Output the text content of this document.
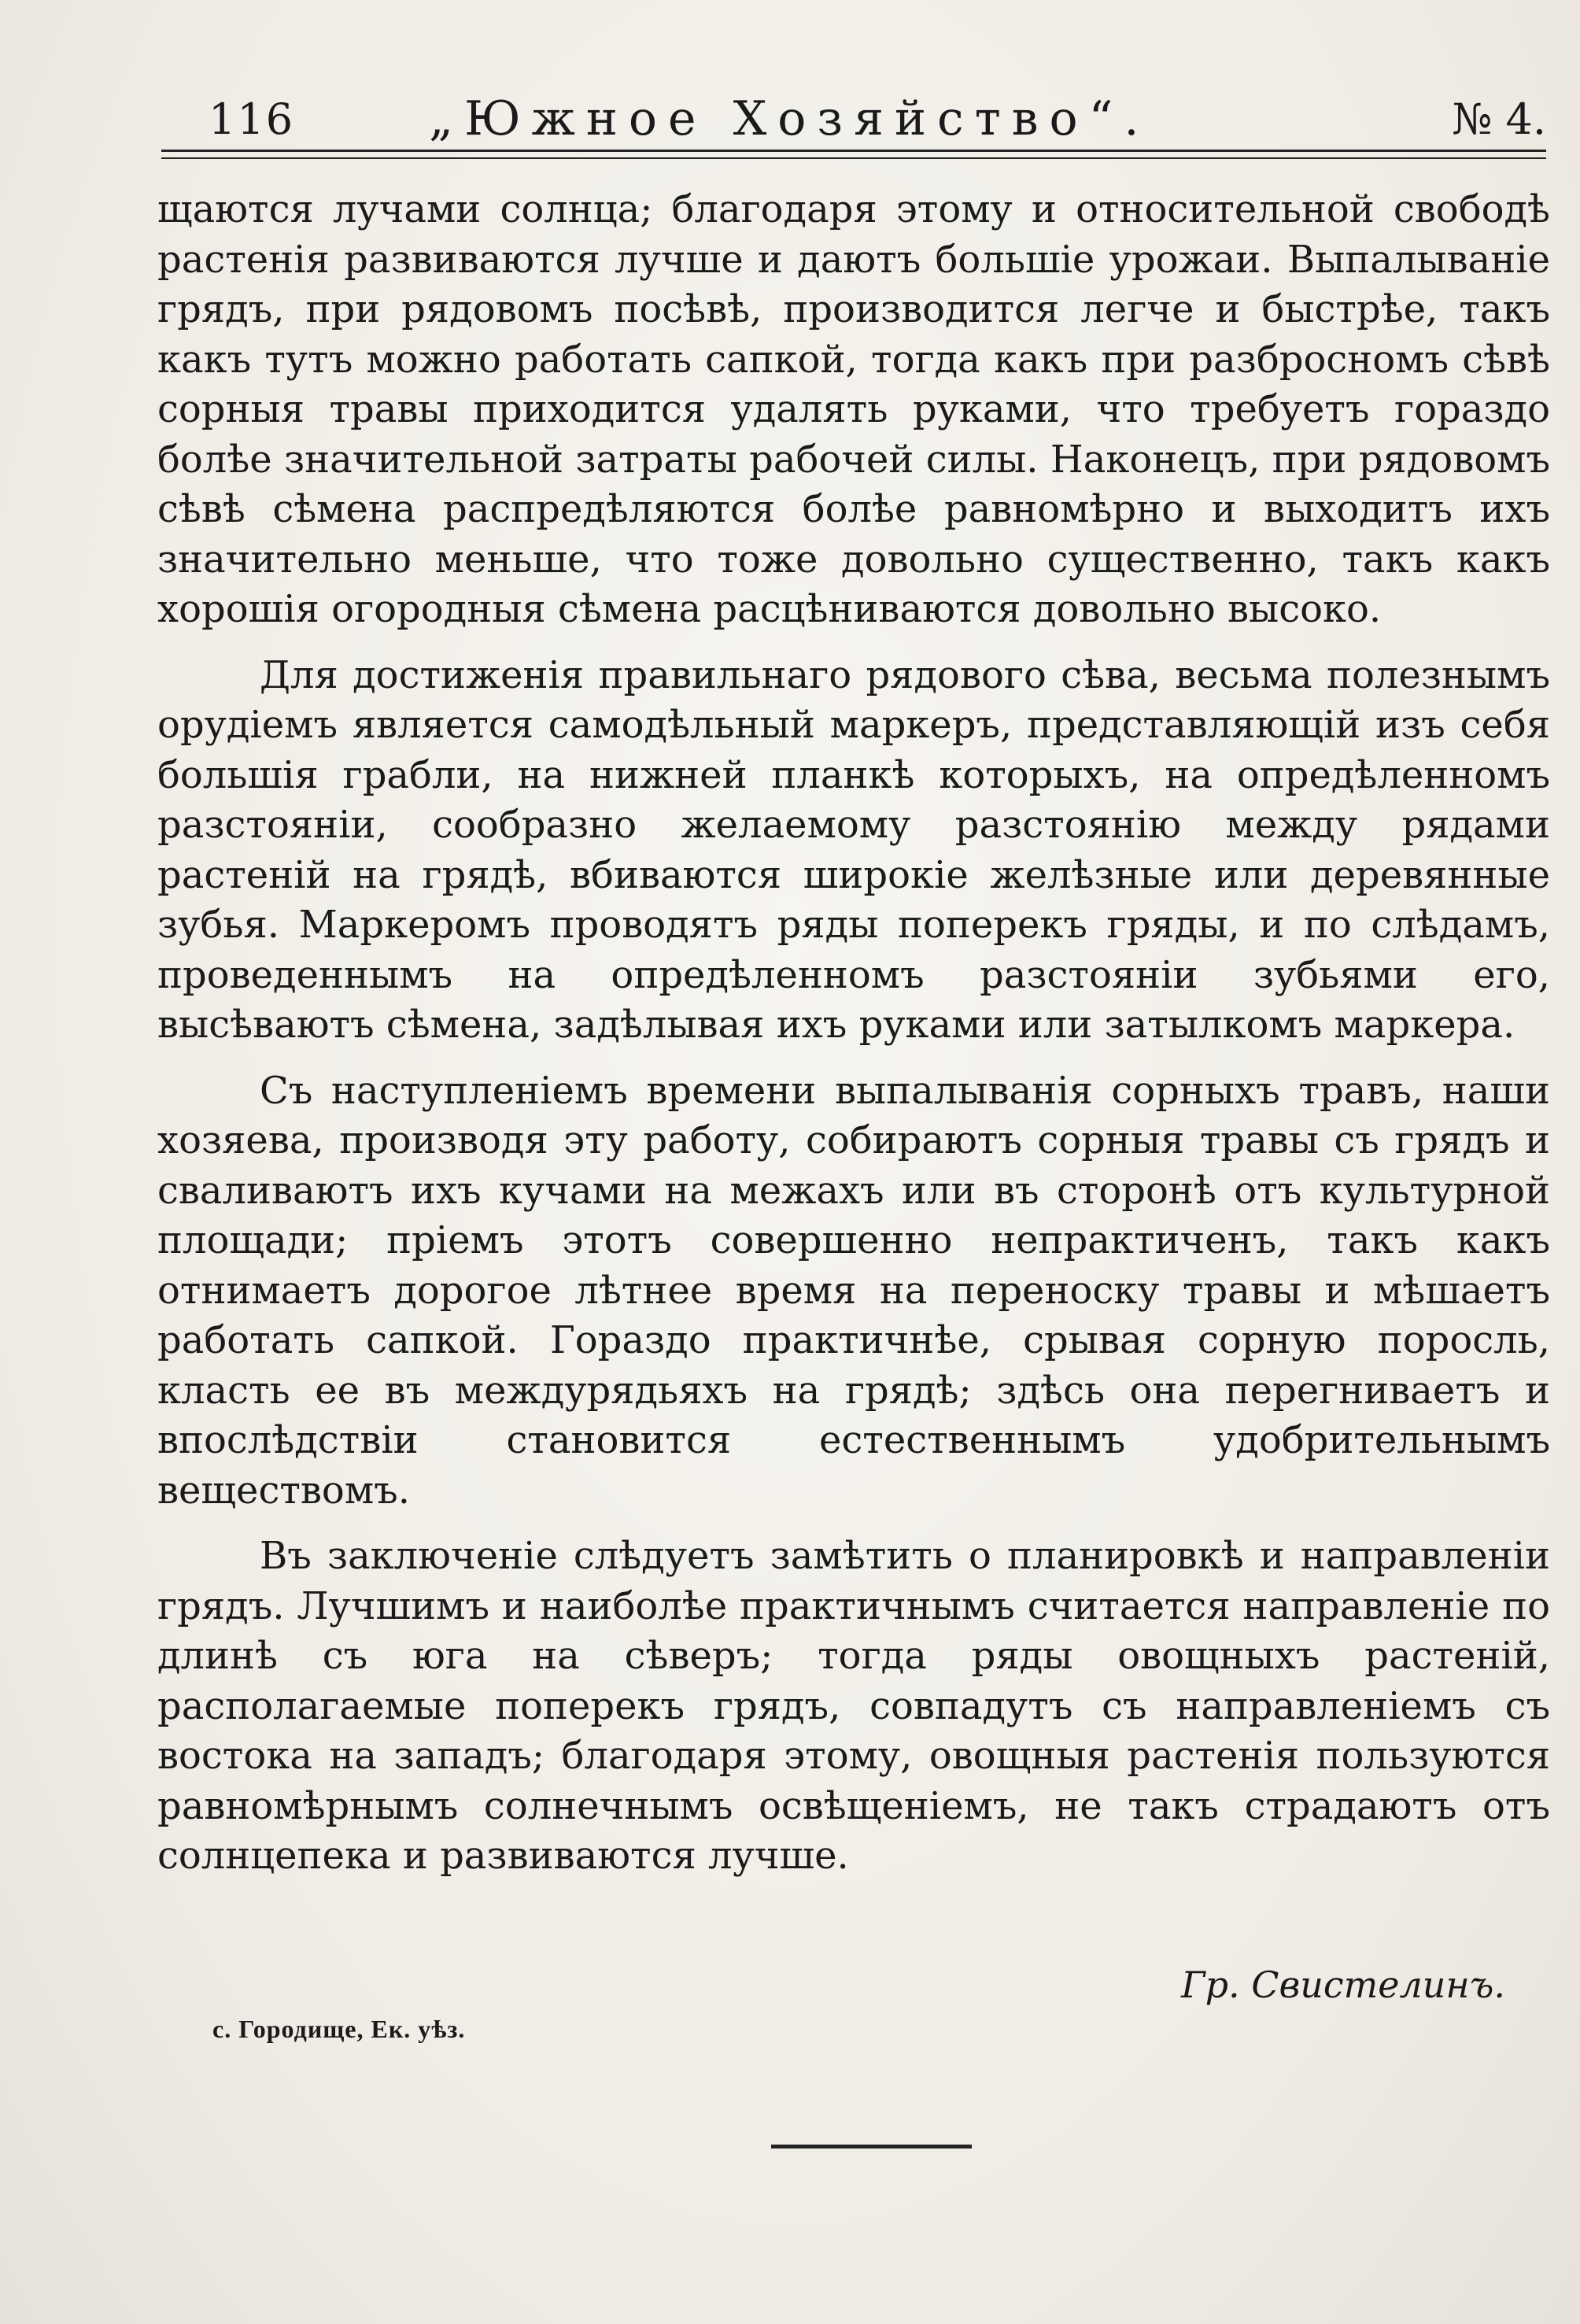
116	„Южное Хозяйство“.	№ 4.

щаются лучами солнца; благодаря этому и относительной свободѣ растенія развиваются лучше и даютъ большіе урожаи. Выпалываніе грядъ, при рядовомъ посѣвѣ, производится легче и быстрѣе, такъ какъ тутъ можно работать сапкой, тогда какъ при разбросномъ сѣвѣ сорныя травы приходится удалять руками, что требуетъ гораздо болѣе значительной затраты рабочей силы. Наконецъ, при рядовомъ сѣвѣ сѣмена распредѣляются болѣе равномѣрно и выходитъ ихъ значительно меньше, что тоже довольно существенно, такъ какъ хорошія огородныя сѣмена расцѣниваются довольно высоко.

Для достиженія правильнаго рядового сѣва, весьма полезнымъ орудіемъ является самодѣльный маркеръ, представляющій изъ себя большія грабли, на нижней планкѣ которыхъ, на опредѣленномъ разстояніи, сообразно желаемому разстоянію между рядами растеній на грядѣ, вбиваются широкіе желѣзные или деревянные зубья. Маркеромъ проводятъ ряды поперекъ гряды, и по слѣдамъ, проведеннымъ на опредѣленномъ разстояніи зубьями его, высѣваютъ сѣмена, задѣлывая ихъ руками или затылкомъ маркера.

Съ наступленіемъ времени выпалыванія сорныхъ травъ, наши хозяева, производя эту работу, собираютъ сорныя травы съ грядъ и сваливаютъ ихъ кучами на межахъ или въ сторонѣ отъ культурной площади; пріемъ этотъ совершенно непрактиченъ, такъ какъ отнимаетъ дорогое лѣтнее время на переноску травы и мѣшаетъ работать сапкой. Гораздо практичнѣе, срывая сорную поросль, класть ее въ междурядьяхъ на грядѣ; здѣсь она перегниваетъ и впослѣдствіи становится естественнымъ удобрительнымъ веществомъ.

Въ заключеніе слѣдуетъ замѣтить о планировкѣ и направленіи грядъ. Лучшимъ и наиболѣе практичнымъ считается направленіе по длинѣ съ юга на сѣверъ; тогда ряды овощныхъ растеній, располагаемые поперекъ грядъ, совпадутъ съ направленіемъ съ востока на западъ; благодаря этому, овощныя растенія пользуются равномѣрнымъ солнечнымъ освѣщеніемъ, не такъ страдаютъ отъ солнцепека и развиваются лучше.

Гр. Свистелинъ.
с. Городище, Ек. уѣз.
